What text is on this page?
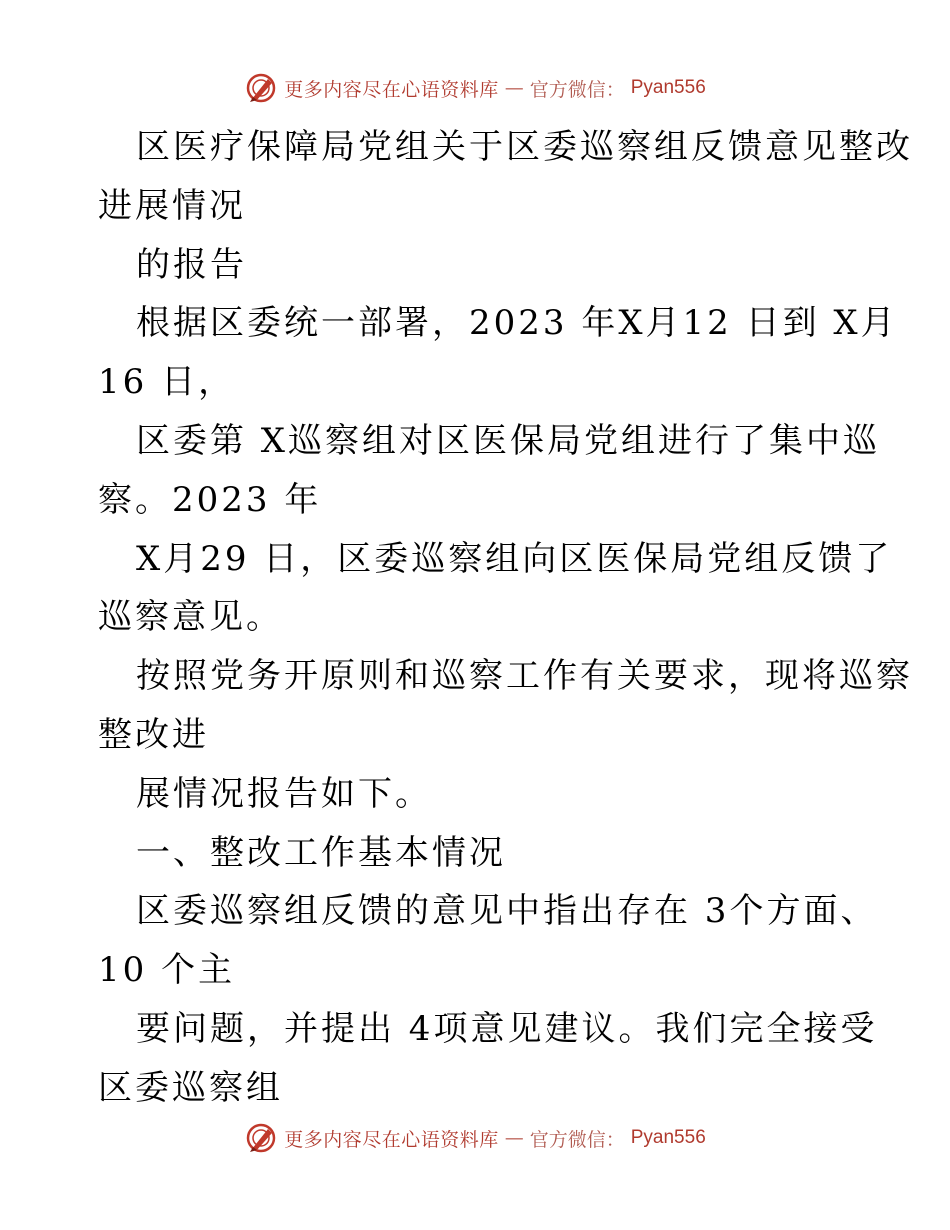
更多内容尽在心语资料库 — 官方微信： Pyan556
区医疗保障局党组关于区委巡察组反馈意见整改
进展情况
的报告
根据区委统一部署，2023 年X月12 日到 X月
16 日，
区委第 X巡察组对区医保局党组进行了集中巡
察。2023 年
X月29 日，区委巡察组向区医保局党组反馈了
巡察意见。
按照党务开原则和巡察工作有关要求，现将巡察
整改进
展情况报告如下。
一、整改工作基本情况
区委巡察组反馈的意见中指出存在 3个方面、
10 个主
要问题，并提出 4项意见建议。我们完全接受
区委巡察组
更多内容尽在心语资料库 — 官方微信： Pyan556
